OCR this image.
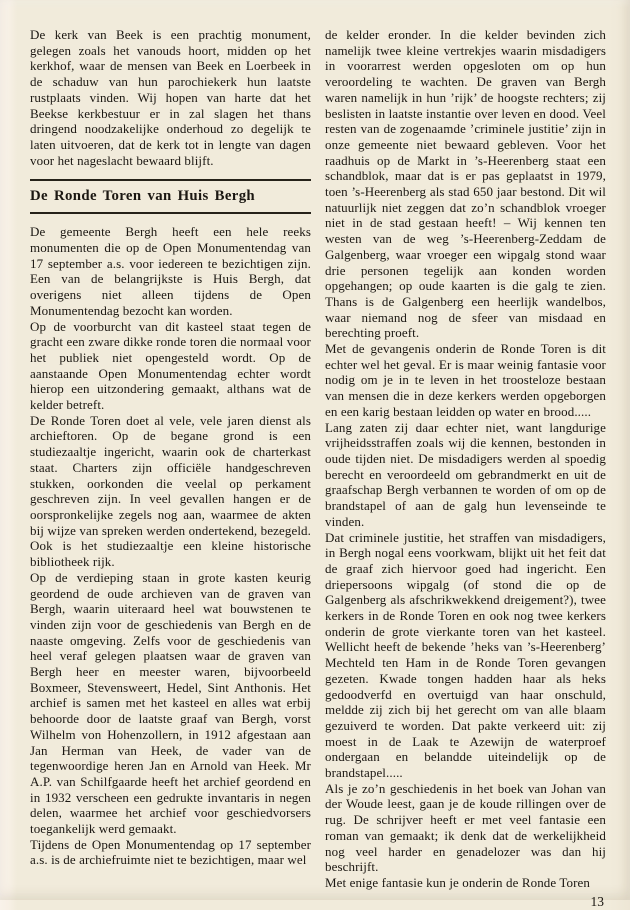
De kerk van Beek is een prachtig monument, gelegen zoals het vanouds hoort, midden op het kerkhof, waar de mensen van Beek en Loerbeek in de schaduw van hun parochiekerk hun laatste rustplaats vinden. Wij hopen van harte dat het Beekse kerkbestuur er in zal slagen het thans dringend noodzakelijke onderhoud zo degelijk te laten uitvoeren, dat de kerk tot in lengte van dagen voor het nageslacht bewaard blijft.

De Ronde Toren van Huis Bergh

De gemeente Bergh heeft een hele reeks monumenten die op de Open Monumentendag van 17 september a.s. voor iedereen te bezichtigen zijn. Een van de belangrijkste is Huis Bergh, dat overigens niet alleen tijdens de Open Monumentendag bezocht kan worden.

Op de voorburcht van dit kasteel staat tegen de gracht een zware dikke ronde toren die normaal voor het publiek niet opengesteld wordt. Op de aanstaande Open Monumentendag echter wordt hierop een uitzondering gemaakt, althans wat de kelder betreft.

De Ronde Toren doet al vele, vele jaren dienst als archieftoren. Op de begane grond is een studiezaaltje ingericht, waarin ook de charterkast staat. Charters zijn officiële handgeschreven stukken, oorkonden die veelal op perkament geschreven zijn. In veel gevallen hangen er de oorspronkelijke zegels nog aan, waarmee de akten bij wijze van spreken werden ondertekend, bezegeld. Ook is het studiezaaltje een kleine historische bibliotheek rijk.

Op de verdieping staan in grote kasten keurig geordend de oude archieven van de graven van Bergh, waarin uiteraard heel wat bouwstenen te vinden zijn voor de geschiedenis van Bergh en de naaste omgeving. Zelfs voor de geschiedenis van heel veraf gelegen plaatsen waar de graven van Bergh heer en meester waren, bijvoorbeeld Boxmeer, Stevensweert, Hedel, Sint Anthonis. Het archief is samen met het kasteel en alles wat erbij behoorde door de laatste graaf van Bergh, vorst Wilhelm von Hohenzollern, in 1912 afgestaan aan Jan Herman van Heek, de vader van de tegenwoordige heren Jan en Arnold van Heek. Mr A.P. van Schilfgaarde heeft het archief geordend en in 1932 verscheen een gedrukte invantaris in negen delen, waarmee het archief voor geschiedvorsers toegankelijk werd gemaakt.

Tijdens de Open Monumentendag op 17 september a.s. is de archiefruimte niet te bezichtigen, maar wel

de kelder eronder. In die kelder bevinden zich namelijk twee kleine vertrekjes waarin misdadigers in voorarrest werden opgesloten om op hun veroordeling te wachten. De graven van Bergh waren namelijk in hun ’rijk’ de hoogste rechters; zij beslisten in laatste instantie over leven en dood. Veel resten van de zogenaamde ’criminele justitie’ zijn in onze gemeente niet bewaard gebleven. Voor het raadhuis op de Markt in ’s-Heerenberg staat een schandblok, maar dat is er pas geplaatst in 1979, toen ’s-Heerenberg als stad 650 jaar bestond. Dit wil natuurlijk niet zeggen dat zo’n schandblok vroeger niet in de stad gestaan heeft! – Wij kennen ten westen van de weg ’s-Heerenberg-Zeddam de Galgenberg, waar vroeger een wipgalg stond waar drie personen tegelijk aan konden worden opgehangen; op oude kaarten is die galg te zien. Thans is de Galgenberg een heerlijk wandelbos, waar niemand nog de sfeer van misdaad en berechting proeft.

Met de gevangenis onderin de Ronde Toren is dit echter wel het geval. Er is maar weinig fantasie voor nodig om je in te leven in het troosteloze bestaan van mensen die in deze kerkers werden opgeborgen en een karig bestaan leidden op water en brood.....

Lang zaten zij daar echter niet, want langdurige vrijheidsstraffen zoals wij die kennen, bestonden in oude tijden niet. De misdadigers werden al spoedig berecht en veroordeeld om gebrandmerkt en uit de graafschap Bergh verbannen te worden of om op de brandstapel of aan de galg hun levenseinde te vinden.

Dat criminele justitie, het straffen van misdadigers, in Bergh nogal eens voorkwam, blijkt uit het feit dat de graaf zich hiervoor goed had ingericht. Een driepersoons wipgalg (of stond die op de Galgenberg als afschrikwekkend dreigement?), twee kerkers in de Ronde Toren en ook nog twee kerkers onderin de grote vierkante toren van het kasteel. Wellicht heeft de bekende ’heks van ’s-Heerenberg’ Mechteld ten Ham in de Ronde Toren gevangen gezeten. Kwade tongen hadden haar als heks gedoodverfd en overtuigd van haar onschuld, meldde zij zich bij het gerecht om van alle blaam gezuiverd te worden. Dat pakte verkeerd uit: zij moest in de Laak te Azewijn de waterproef ondergaan en belandde uiteindelijk op de brandstapel.....

Als je zo’n geschiedenis in het boek van Johan van der Woude leest, gaan je de koude rillingen over de rug. De schrijver heeft er met veel fantasie een roman van gemaakt; ik denk dat de werkelijkheid nog veel harder en genadelozer was dan hij beschrijft.

Met enige fantasie kun je onderin de Ronde Toren

13
